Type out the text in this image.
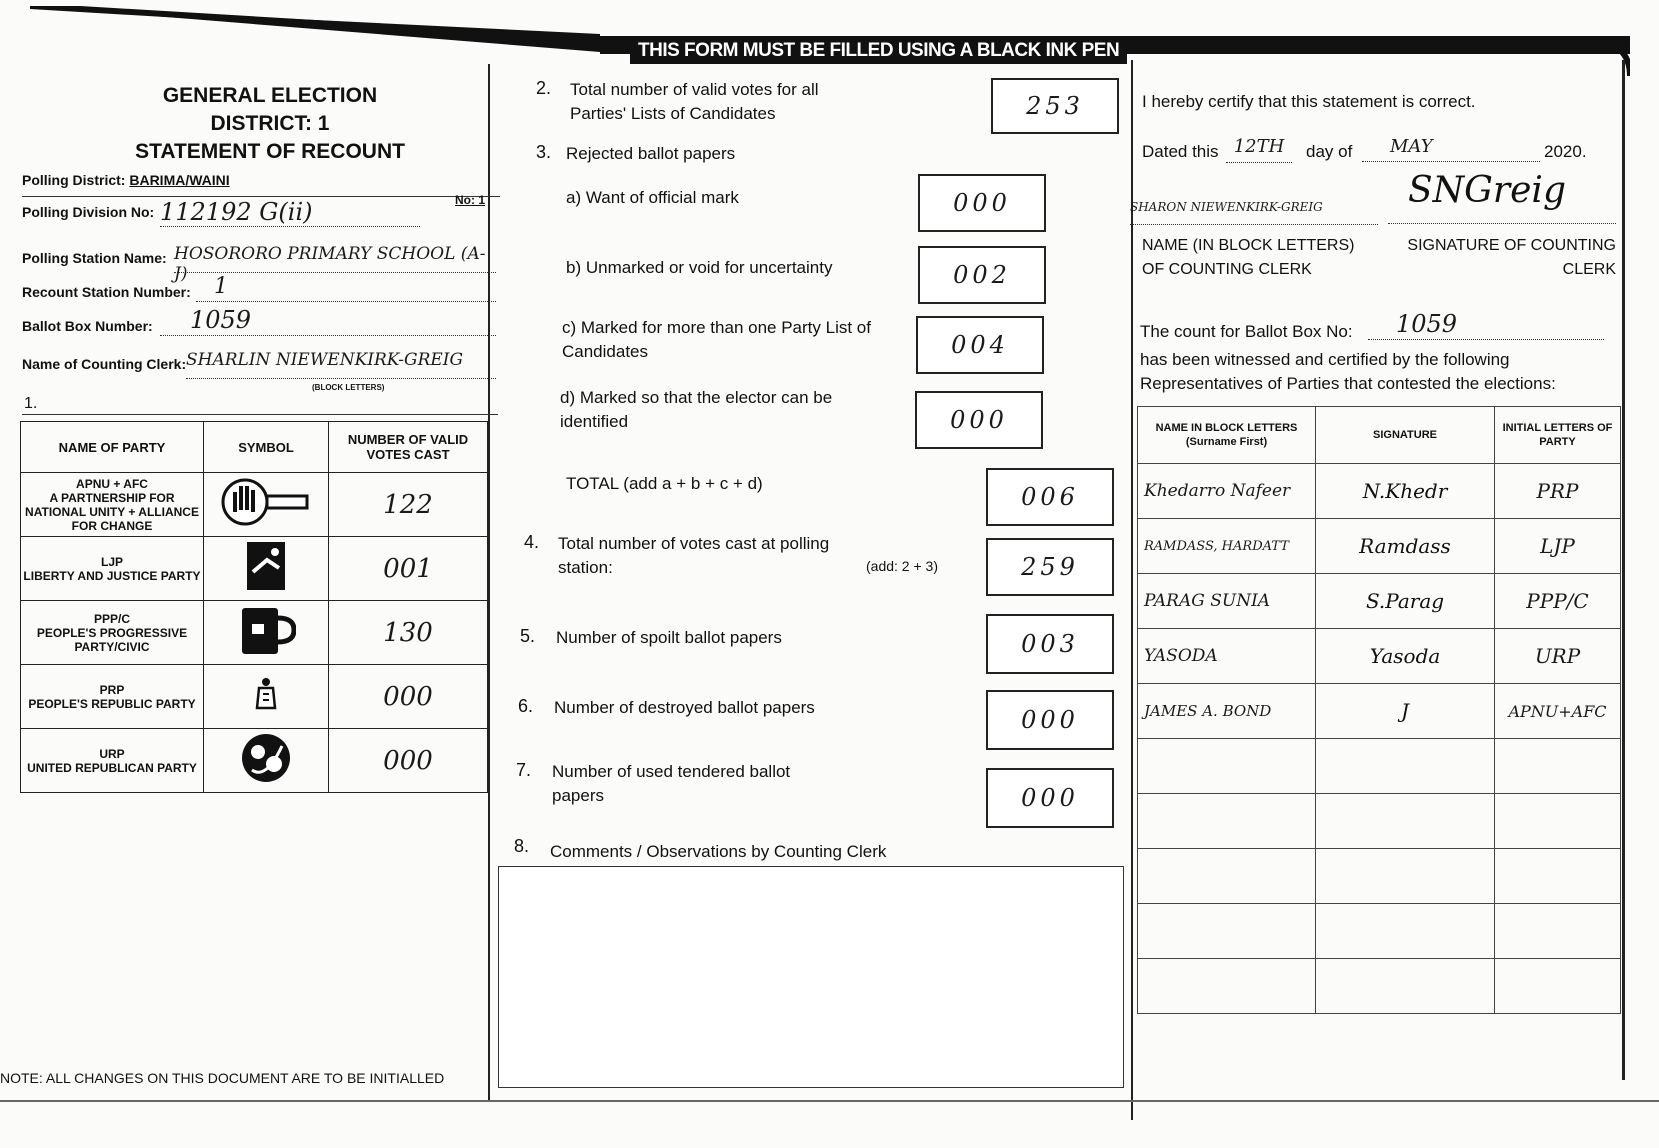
THIS FORM MUST BE FILLED USING A BLACK INK PEN
GENERAL ELECTION
DISTRICT: 1
STATEMENT OF RECOUNT
Polling District: BARIMA/WAINI
Polling Division No: 112192 G(ii)	No: 1
Polling Station Name: HOSORORO PRIMARY SCHOOL (A-J)
Recount Station Number:	1
Ballot Box Number:	1059
Name of Counting Clerk: SHARLIN NIEWENKIRK-GREIG
(BLOCK LETTERS)
1.
NAME OF PARTY	SYMBOL	NUMBER OF VALID VOTES CAST
APNU + AFC
A PARTNERSHIP FOR NATIONAL UNITY + ALLIANCE FOR CHANGE		122
LJP
LIBERTY AND JUSTICE PARTY		001
PPP/C
PEOPLE'S PROGRESSIVE PARTY/CIVIC		130
PRP
PEOPLE'S REPUBLIC PARTY		000
URP
UNITED REPUBLICAN PARTY		000
NOTE: ALL CHANGES ON THIS DOCUMENT ARE TO BE INITIALLED
2. Total number of valid votes for all Parties' Lists of Candidates	253
3. Rejected ballot papers
a) Want of official mark	000
b) Unmarked or void for uncertainty	002
c) Marked for more than one Party List of Candidates	004
d) Marked so that the elector can be identified	000
TOTAL (add a + b + c + d)	006
4. Total number of votes cast at polling station:	(add: 2 + 3)	259
5. Number of spoilt ballot papers	003
6. Number of destroyed ballot papers	000
7. Number of used tendered ballot papers	000
8. Comments / Observations by Counting Clerk
I hereby certify that this statement is correct.
Dated this 12TH	day of	MAY	2020.
SHARON NIEWENKIRK-GREIG	SNGreig
NAME (IN BLOCK LETTERS) OF COUNTING CLERK
SIGNATURE OF COUNTING CLERK
The count for Ballot Box No:	1059
has been witnessed and certified by the following Representatives of Parties that contested the elections:
NAME IN BLOCK LETTERS (Surname First)	SIGNATURE	INITIAL LETTERS OF PARTY
Khedarro Nafeer	N.Khedr	PRP
RAMDASS, HARDATT	Ramdass	LJP
PARAG SUNIA	S.Parag	PPP/C
YASODA	Yasoda	URP
JAMES A. BOND	J	APNU+AFC
